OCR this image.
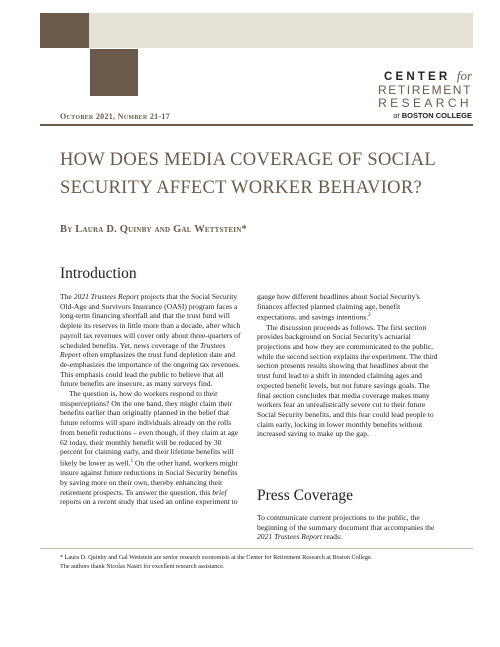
CENTER for
RETIREMENT
RESEARCH
at BOSTON COLLEGE
October 2021, Number 21-17
HOW DOES MEDIA COVERAGE OF SOCIAL
SECURITY AFFECT WORKER BEHAVIOR?
By Laura D. Quinby and Gal Wettstein*
Introduction

The 2021 Trustees Report projects that the Social Security Old-Age and Survivors Insurance (OASI) program faces a long-term financing shortfall and that the trust fund will deplete its reserves in little more than a decade, after which payroll tax revenues will cover only about three-quarters of scheduled benefits. Yet, news coverage of the Trustees Report often emphasizes the trust fund depletion date and de-emphasizes the importance of the ongoing tax revenues. This emphasis could lead the public to believe that all future benefits are insecure, as many surveys find.

The question is, how do workers respond to their misperceptions? On the one hand, they might claim their benefits earlier than originally planned in the belief that future reforms will spare individuals already on the rolls from benefit reductions – even though, if they claim at age 62 today, their monthly benefit will be reduced by 30 percent for claiming early, and their lifetime benefits will likely be lower as well.$^1$ On the other hand, workers might insure against future reductions in Social Security benefits by saving more on their own, thereby enhancing their retirement prospects. To answer the question, this brief reports on a recent study that used an online experiment to

gauge how different headlines about Social Security's finances affected planned claiming age, benefit expectations, and savings intentions.$^2$

The discussion proceeds as follows. The first section provides background on Social Security's actuarial projections and how they are communicated to the public, while the second section explains the experiment. The third section presents results showing that headlines about the trust fund lead to a shift in intended claiming ages and expected benefit levels, but not future savings goals. The final section concludes that media coverage makes many workers fear an unrealistically severe cut to their future Social Security benefits, and this fear could lead people to claim early, locking in lower monthly benefits without increased saving to make up the gap.

Press Coverage

To communicate current projections to the public, the beginning of the summary document that accompanies the 2021 Trustees Report reads:

* Laura D. Quinby and Gal Wettstein are senior research economists at the Center for Retirement Research at Boston College.
The authors thank Nicolas Nastri for excellent research assistance.
